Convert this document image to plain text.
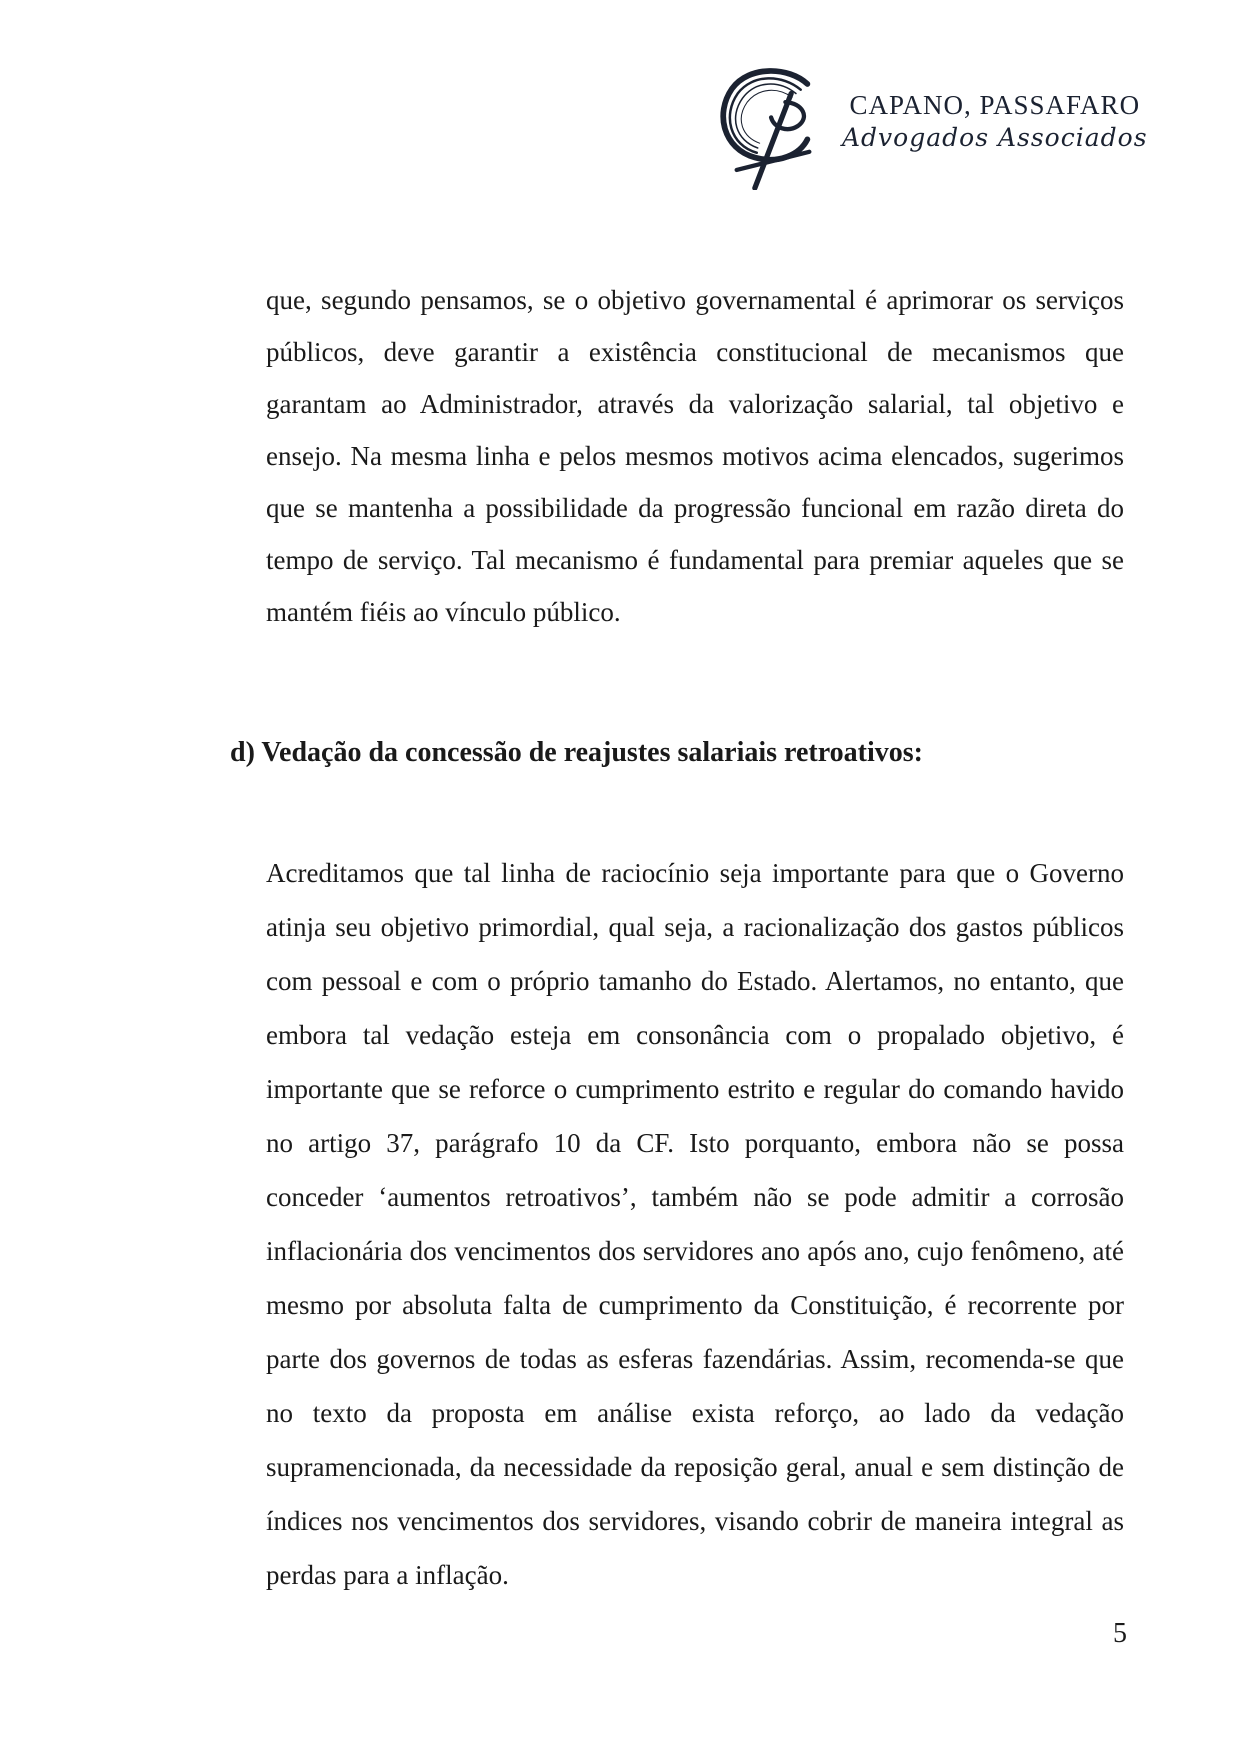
CAPANO, PASSAFARO
Advogados Associados

que, segundo pensamos, se o objetivo governamental é aprimorar os serviços públicos, deve garantir a existência constitucional de mecanismos que garantam ao Administrador, através da valorização salarial, tal objetivo e ensejo. Na mesma linha e pelos mesmos motivos acima elencados, sugerimos que se mantenha a possibilidade da progressão funcional em razão direta do tempo de serviço. Tal mecanismo é fundamental para premiar aqueles que se mantém fiéis ao vínculo público.

d) Vedação da concessão de reajustes salariais retroativos:

Acreditamos que tal linha de raciocínio seja importante para que o Governo atinja seu objetivo primordial, qual seja, a racionalização dos gastos públicos com pessoal e com o próprio tamanho do Estado. Alertamos, no entanto, que embora tal vedação esteja em consonância com o propalado objetivo, é importante que se reforce o cumprimento estrito e regular do comando havido no artigo 37, parágrafo 10 da CF. Isto porquanto, embora não se possa conceder ‘aumentos retroativos’, também não se pode admitir a corrosão inflacionária dos vencimentos dos servidores ano após ano, cujo fenômeno, até mesmo por absoluta falta de cumprimento da Constituição, é recorrente por parte dos governos de todas as esferas fazendárias. Assim, recomenda-se que no texto da proposta em análise exista reforço, ao lado da vedação supramencionada, da necessidade da reposição geral, anual e sem distinção de índices nos vencimentos dos servidores, visando cobrir de maneira integral as perdas para a inflação.

5
